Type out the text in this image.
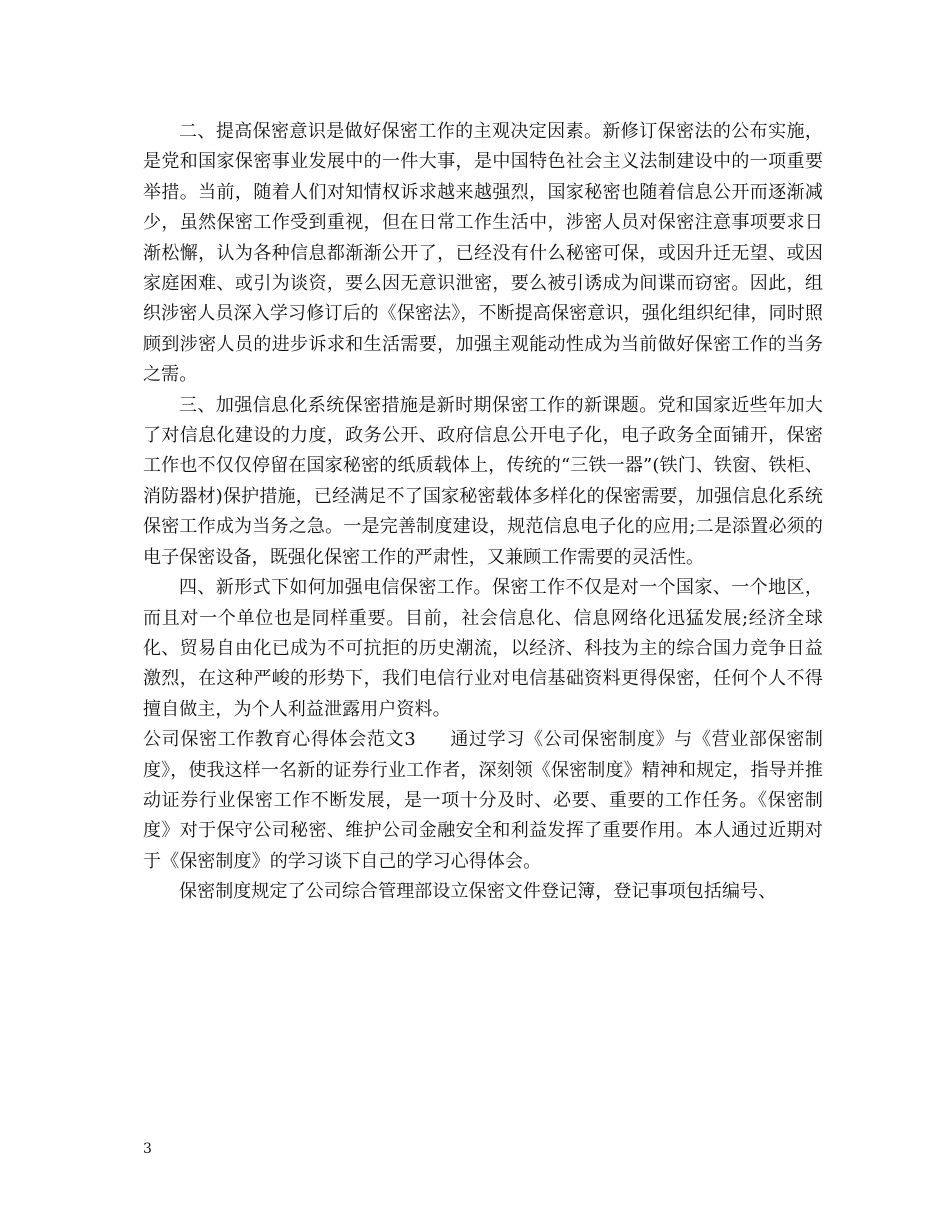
二、提高保密意识是做好保密工作的主观决定因素。新修订保密法的公布实施，是党和国家保密事业发展中的一件大事，是中国特色社会主义法制建设中的一项重要举措。当前，随着人们对知情权诉求越来越强烈，国家秘密也随着信息公开而逐渐减少，虽然保密工作受到重视，但在日常工作生活中，涉密人员对保密注意事项要求日渐松懈，认为各种信息都渐渐公开了，已经没有什么秘密可保，或因升迁无望、或因家庭困难、或引为谈资，要么因无意识泄密，要么被引诱成为间谍而窃密。因此，组织涉密人员深入学习修订后的《保密法》，不断提高保密意识，强化组织纪律，同时照顾到涉密人员的进步诉求和生活需要，加强主观能动性成为当前做好保密工作的当务之需。

三、加强信息化系统保密措施是新时期保密工作的新课题。党和国家近些年加大了对信息化建设的力度，政务公开、政府信息公开电子化，电子政务全面铺开，保密工作也不仅仅停留在国家秘密的纸质载体上，传统的“三铁一器”(铁门、铁窗、铁柜、消防器材)保护措施，已经满足不了国家秘密载体多样化的保密需要，加强信息化系统保密工作成为当务之急。一是完善制度建设，规范信息电子化的应用;二是添置必须的电子保密设备，既强化保密工作的严肃性，又兼顾工作需要的灵活性。

四、新形式下如何加强电信保密工作。保密工作不仅是对一个国家、一个地区，而且对一个单位也是同样重要。目前，社会信息化、信息网络化迅猛发展;经济全球化、贸易自由化已成为不可抗拒的历史潮流，以经济、科技为主的综合国力竞争日益激烈，在这种严峻的形势下，我们电信行业对电信基础资料更得保密，任何个人不得擅自做主，为个人利益泄露用户资料。

公司保密工作教育心得体会范文3 通过学习《公司保密制度》与《营业部保密制度》，使我这样一名新的证券行业工作者，深刻领《保密制度》精神和规定，指导并推动证券行业保密工作不断发展，是一项十分及时、必要、重要的工作任务。《保密制度》对于保守公司秘密、维护公司金融安全和利益发挥了重要作用。本人通过近期对于《保密制度》的学习谈下自己的学习心得体会。

保密制度规定了公司综合管理部设立保密文件登记簿，登记事项包括编号、

3
